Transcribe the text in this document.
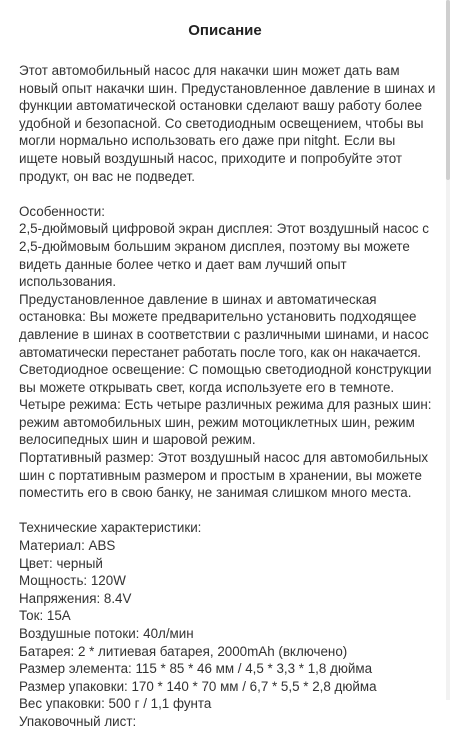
Описание
Этот автомобильный насос для накачки шин может дать вам
новый опыт накачки шин. Предустановленное давление в шинах и
функции автоматической остановки сделают вашу работу более
удобной и безопасной. Со светодиодным освещением, чтобы вы
могли нормально использовать его даже при nitght. Если вы
ищете новый воздушный насос, приходите и попробуйте этот
продукт, он вас не подведет.
Особенности:
2,5-дюймовый цифровой экран дисплея: Этот воздушный насос с
2,5-дюймовым большим экраном дисплея, поэтому вы можете
видеть данные более четко и дает вам лучший опыт
использования.
Предустановленное давление в шинах и автоматическая
остановка: Вы можете предварительно установить подходящее
давление в шинах в соответствии с различными шинами, и насос
автоматически перестанет работать после того, как он накачается.
Светодиодное освещение: С помощью светодиодной конструкции
вы можете открывать свет, когда используете его в темноте.
Четыре режима: Есть четыре различных режима для разных шин:
режим автомобильных шин, режим мотоциклетных шин, режим
велосипедных шин и шаровой режим.
Портативный размер: Этот воздушный насос для автомобильных
шин с портативным размером и простым в хранении, вы можете
поместить его в свою банку, не занимая слишком много места.
Технические характеристики:
Материал: ABS
Цвет: черный
Мощность: 120W
Напряжения: 8.4V
Ток: 15A
Воздушные потоки: 40л/мин
Батарея: 2 * литиевая батарея, 2000mAh (включено)
Размер элемента: 115 * 85 * 46 мм / 4,5 * 3,3 * 1,8 дюйма
Размер упаковки: 170 * 140 * 70 мм / 6,7 * 5,5 * 2,8 дюйма
Вес упаковки: 500 г / 1,1 фунта
Упаковочный лист:
